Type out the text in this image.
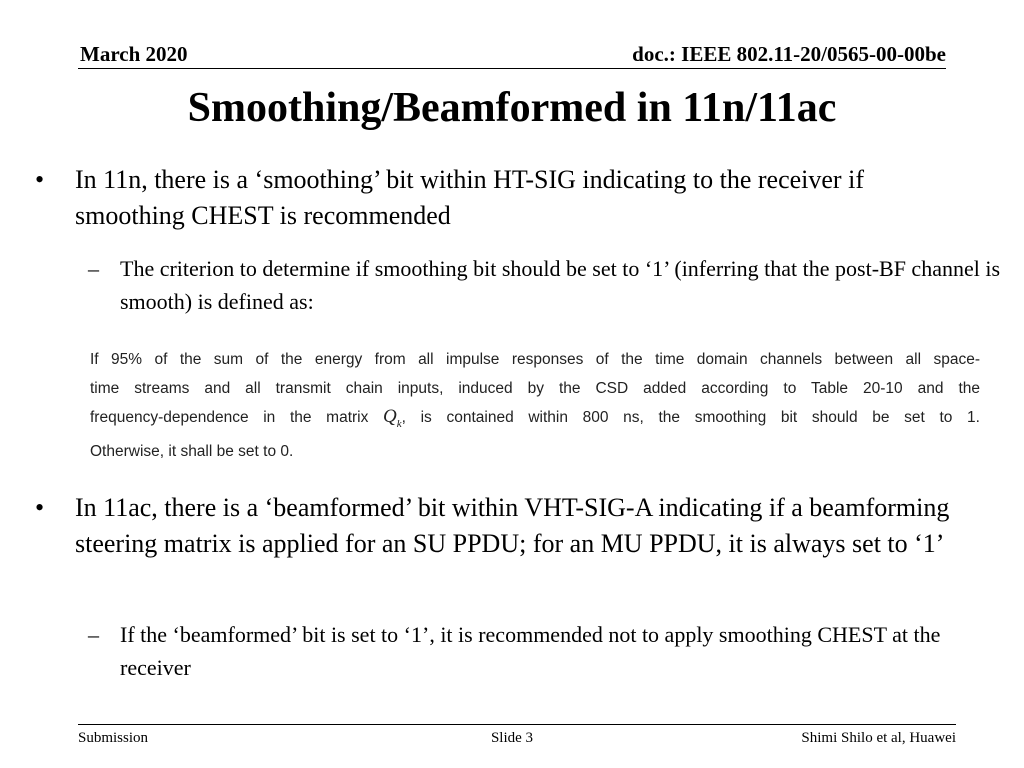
March 2020	doc.: IEEE 802.11-20/0565-00-00be
Smoothing/Beamformed in 11n/11ac
• In 11n, there is a ‘smoothing’ bit within HT-SIG indicating to the receiver if smoothing CHEST is recommended
– The criterion to determine if smoothing bit should be set to ‘1’ (inferring that the post-BF channel is smooth) is defined as:
If 95% of the sum of the energy from all impulse responses of the time domain channels between all space-
time streams and all transmit chain inputs, induced by the CSD added according to Table 20-10 and the
frequency-dependence in the matrix $Q_k$, is contained within 800 ns, the smoothing bit should be set to 1.
Otherwise, it shall be set to 0.
• In 11ac, there is a ‘beamformed’ bit within VHT-SIG-A indicating if a beamforming steering matrix is applied for an SU PPDU; for an MU PPDU, it is always set to ‘1’
– If the ‘beamformed’ bit is set to ‘1’, it is recommended not to apply smoothing CHEST at the receiver
Submission	Slide 3	Shimi Shilo et al, Huawei
